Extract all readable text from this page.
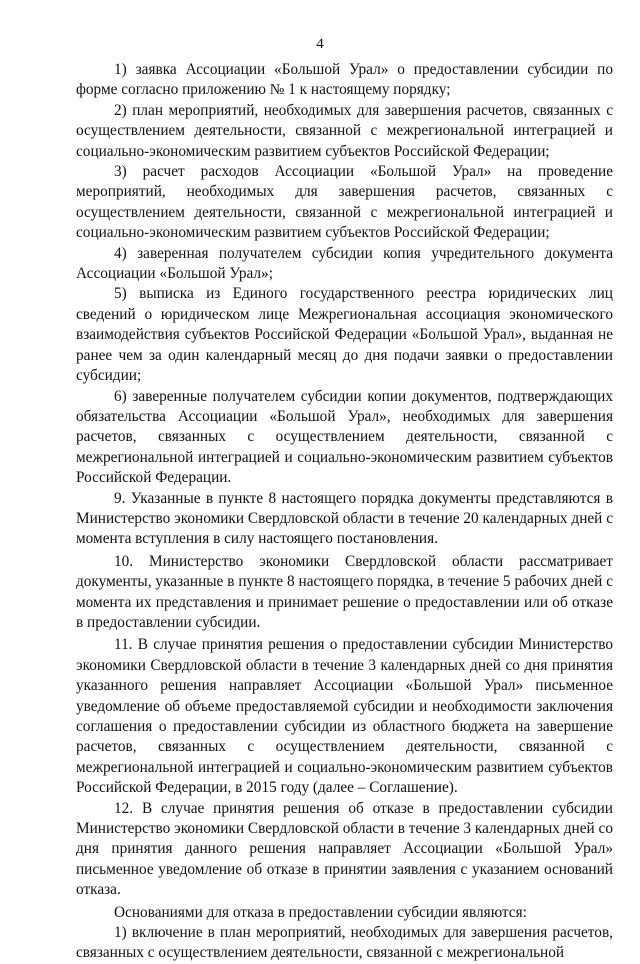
4

1) заявка Ассоциации «Большой Урал» о предоставлении субсидии по форме согласно приложению № 1 к настоящему порядку;

2) план мероприятий, необходимых для завершения расчетов, связанных с осуществлением деятельности, связанной с межрегиональной интеграцией и социально-экономическим развитием субъектов Российской Федерации;

3) расчет расходов Ассоциации «Большой Урал» на проведение мероприятий, необходимых для завершения расчетов, связанных с осуществлением деятельности, связанной с межрегиональной интеграцией и социально-экономическим развитием субъектов Российской Федерации;

4) заверенная получателем субсидии копия учредительного документа Ассоциации «Большой Урал»;

5) выписка из Единого государственного реестра юридических лиц сведений о юридическом лице Межрегиональная ассоциация экономического взаимодействия субъектов Российской Федерации «Большой Урал», выданная не ранее чем за один календарный месяц до дня подачи заявки о предоставлении субсидии;

6) заверенные получателем субсидии копии документов, подтверждающих обязательства Ассоциации «Большой Урал», необходимых для завершения расчетов, связанных с осуществлением деятельности, связанной с межрегиональной интеграцией и социально-экономическим развитием субъектов Российской Федерации.

9. Указанные в пункте 8 настоящего порядка документы представляются в Министерство экономики Свердловской области в течение 20 календарных дней с момента вступления в силу настоящего постановления.

10. Министерство экономики Свердловской области рассматривает документы, указанные в пункте 8 настоящего порядка, в течение 5 рабочих дней с момента их представления и принимает решение о предоставлении или об отказе в предоставлении субсидии.

11. В случае принятия решения о предоставлении субсидии Министерство экономики Свердловской области в течение 3 календарных дней со дня принятия указанного решения направляет Ассоциации «Большой Урал» письменное уведомление об объеме предоставляемой субсидии и необходимости заключения соглашения о предоставлении субсидии из областного бюджета на завершение расчетов, связанных с осуществлением деятельности, связанной с межрегиональной интеграцией и социально-экономическим развитием субъектов Российской Федерации, в 2015 году (далее – Соглашение).

12. В случае принятия решения об отказе в предоставлении субсидии Министерство экономики Свердловской области в течение 3 календарных дней со дня принятия данного решения направляет Ассоциации «Большой Урал» письменное уведомление об отказе в принятии заявления с указанием оснований отказа.

Основаниями для отказа в предоставлении субсидии являются:

1) включение в план мероприятий, необходимых для завершения расчетов, связанных с осуществлением деятельности, связанной с межрегиональной
